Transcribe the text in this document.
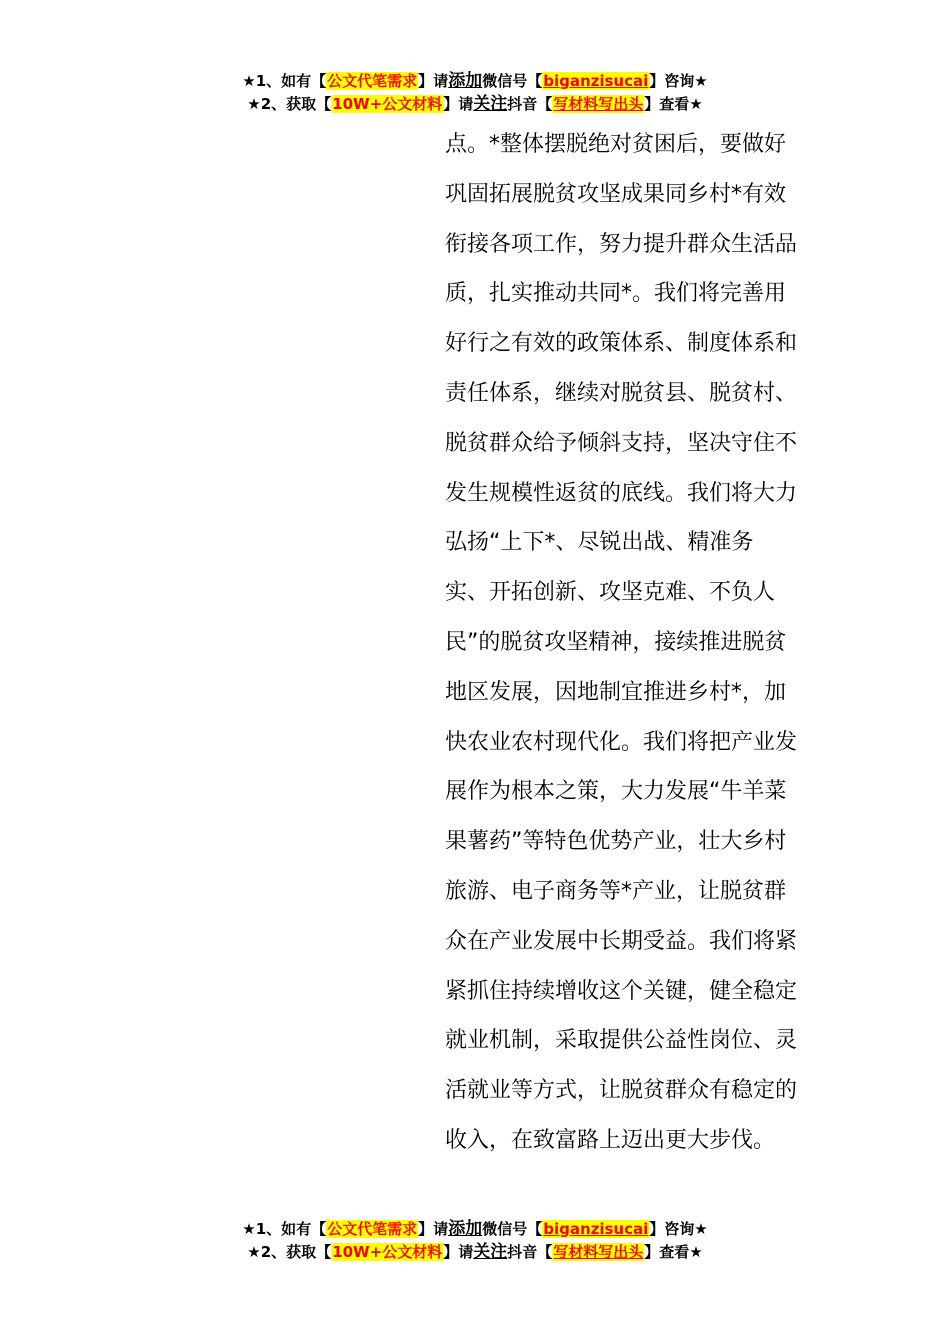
★1、如有【公文代笔需求】请添加微信号【biganzisucai】咨询★
★2、获取【10W+公文材料】请关注抖音【写材料写出头】查看★
点。*整体摆脱绝对贫困后，要做好
巩固拓展脱贫攻坚成果同乡村*有效
衔接各项工作，努力提升群众生活品
质，扎实推动共同*。我们将完善用
好行之有效的政策体系、制度体系和
责任体系，继续对脱贫县、脱贫村、
脱贫群众给予倾斜支持，坚决守住不
发生规模性返贫的底线。我们将大力
弘扬“上下*、尽锐出战、精准务
实、开拓创新、攻坚克难、不负人
民”的脱贫攻坚精神，接续推进脱贫
地区发展，因地制宜推进乡村*，加
快农业农村现代化。我们将把产业发
展作为根本之策，大力发展“牛羊菜
果薯药”等特色优势产业，壮大乡村
旅游、电子商务等*产业，让脱贫群
众在产业发展中长期受益。我们将紧
紧抓住持续增收这个关键，健全稳定
就业机制，采取提供公益性岗位、灵
活就业等方式，让脱贫群众有稳定的
收入，在致富路上迈出更大步伐。
★1、如有【公文代笔需求】请添加微信号【biganzisucai】咨询★
★2、获取【10W+公文材料】请关注抖音【写材料写出头】查看★
